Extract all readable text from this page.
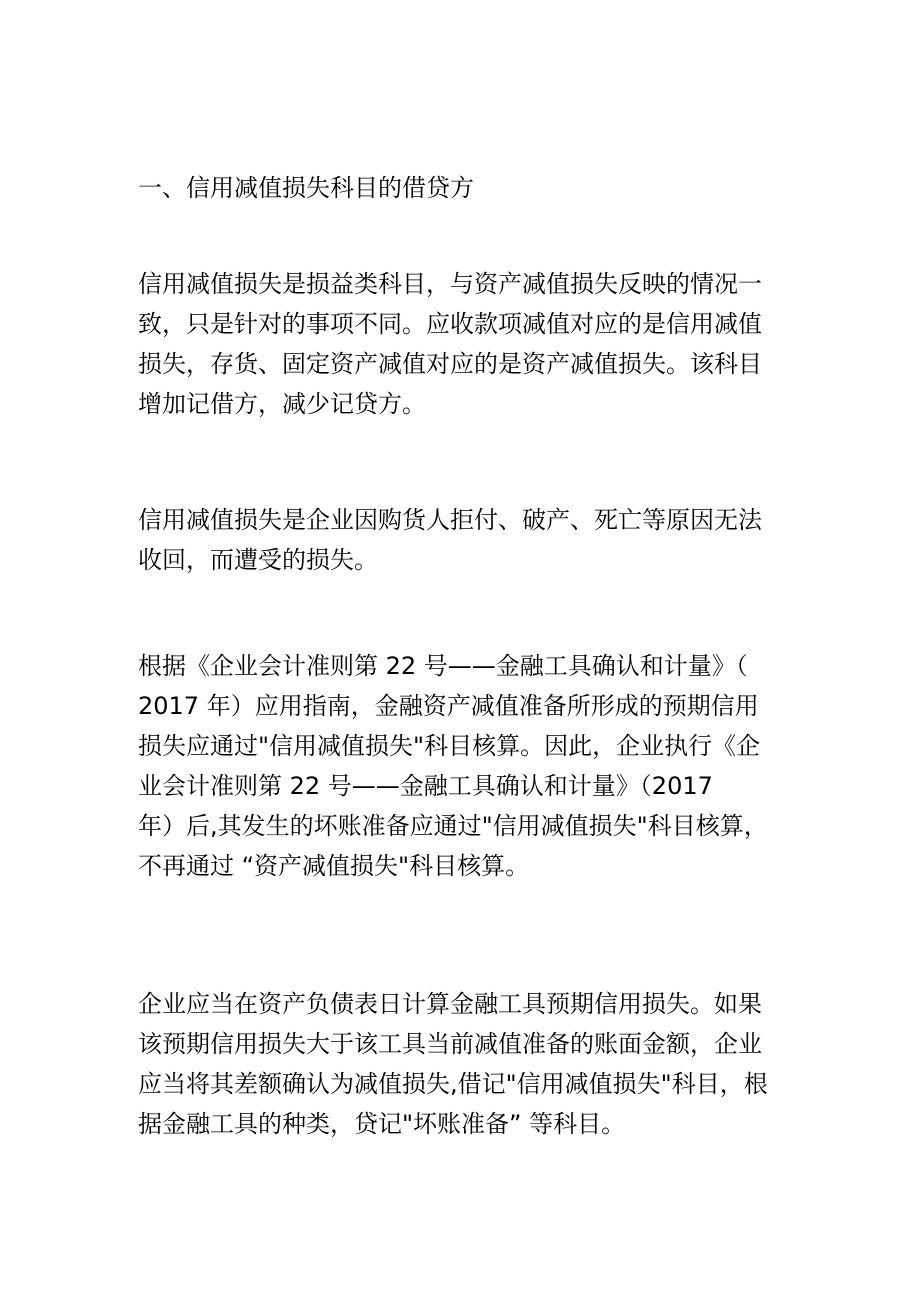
一、信用减值损失科目的借贷方
信用减值损失是损益类科目，与资产减值损失反映的情况一
致，只是针对的事项不同。应收款项减值对应的是信用减值
损失，存货、固定资产减值对应的是资产减值损失。该科目
增加记借方，减少记贷方。
信用减值损失是企业因购货人拒付、破产、死亡等原因无法
收回，而遭受的损失。
根据《企业会计准则第 22 号——金融工具确认和计量》（
2017 年）应用指南，金融资产减值准备所形成的预期信用
损失应通过"信用减值损失"科目核算。因此，企业执行《企
业会计准则第 22 号——金融工具确认和计量》（2017
年）后,其发生的坏账准备应通过"信用减值损失"科目核算，
不再通过 “资产减值损失"科目核算。
企业应当在资产负债表日计算金融工具预期信用损失。如果
该预期信用损失大于该工具当前减值准备的账面金额，企业
应当将其差额确认为减值损失,借记"信用减值损失"科目，根
据金融工具的种类，贷记"坏账准备” 等科目。
